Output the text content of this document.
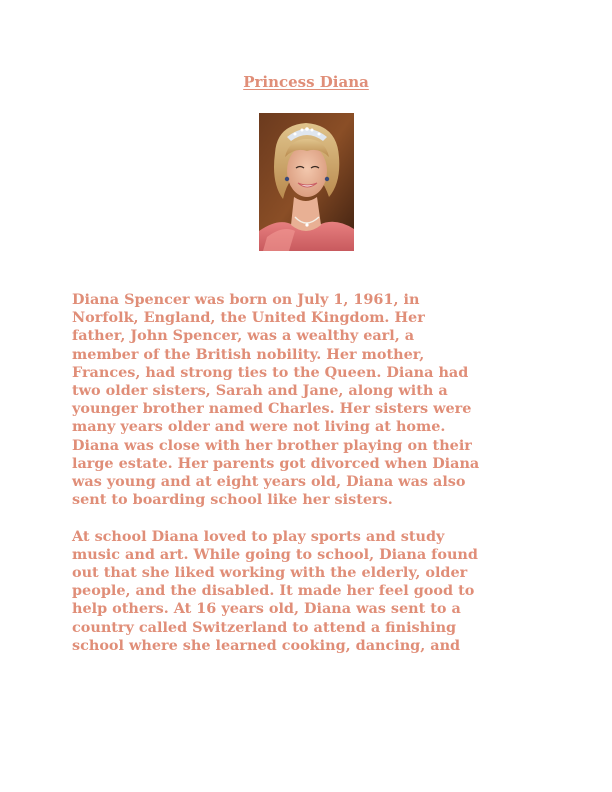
Princess Diana

Diana Spencer was born on July 1, 1961, in
Norfolk, England, the United Kingdom. Her
father, John Spencer, was a wealthy earl, a
member of the British nobility. Her mother,
Frances, had strong ties to the Queen. Diana had
two older sisters, Sarah and Jane, along with a
younger brother named Charles. Her sisters were
many years older and were not living at home.
Diana was close with her brother playing on their
large estate. Her parents got divorced when Diana
was young and at eight years old, Diana was also
sent to boarding school like her sisters.

At school Diana loved to play sports and study
music and art. While going to school, Diana found
out that she liked working with the elderly, older
people, and the disabled. It made her feel good to
help others. At 16 years old, Diana was sent to a
country called Switzerland to attend a finishing
school where she learned cooking, dancing, and
